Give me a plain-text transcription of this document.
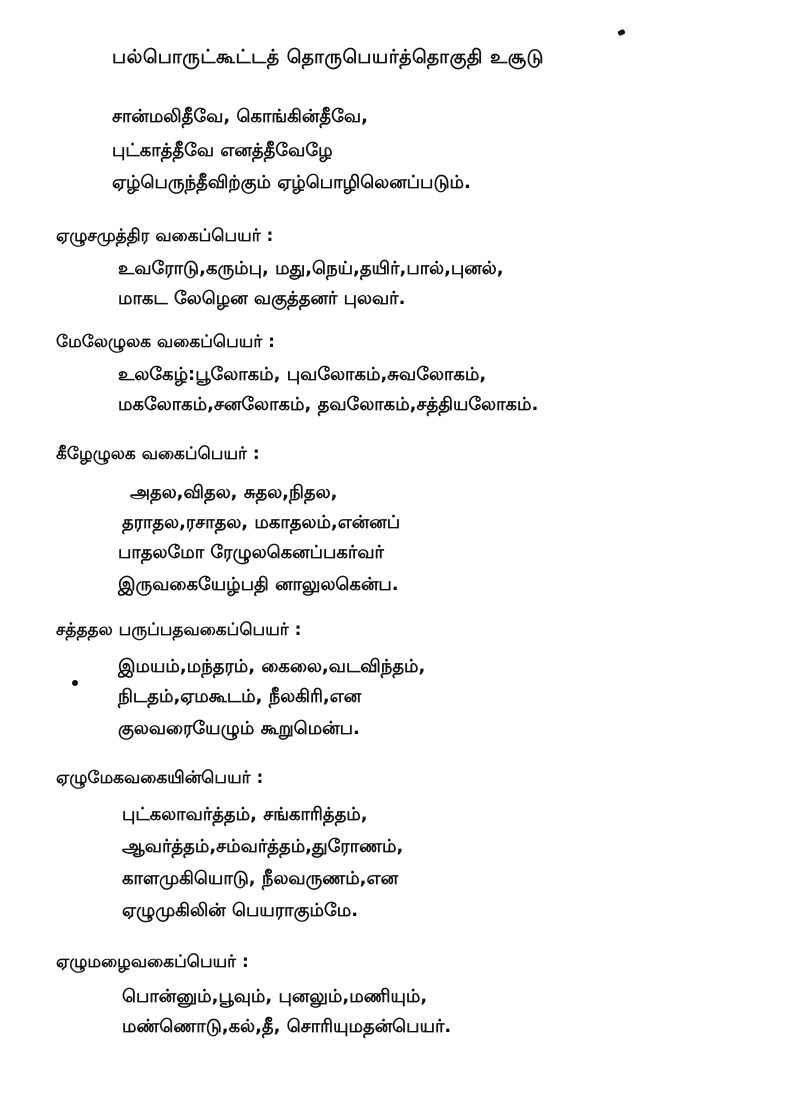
பல்பொருட்கூட்டத் தொருபெயர்த்தொகுதி உசூடு
சான்மலிதீவே, கொங்கின்தீவே,
புட்காத்தீவே எனத்தீவேழே
ஏழ்பெருந்தீவிற்கும் ஏழ்பொழிலெனப்படும்.
ஏழுசமுத்திர வகைப்பெயர் :
உவரோடு,கரும்பு, மது,நெய்,தயிர்,பால்,புனல்,
மாகட லேழென வகுத்தனர் புலவர்.
மேலேழுலக வகைப்பெயர் :
உலகேழ்:பூலோகம், புவலோகம்,சுவலோகம்,
மகலோகம்,சனலோகம், தவலோகம்,சத்தியலோகம்.
கீழேழுலக வகைப்பெயர் :
அதல,விதல, சுதல,நிதல,
தராதல,ரசாதல, மகாதலம்,என்னப்
பாதலமோ ரேழுலகெனப்பகர்வர்
இருவகையேழ்பதி னாலுலகென்ப.
சத்ததல பருப்பதவகைப்பெயர் :
இமயம்,மந்தரம், கைலை,வடவிந்தம்,
நிடதம்,ஏமகூடம், நீலகிரி,என
குலவரையேழும் கூறுமென்ப.
ஏழுமேகவகையின்பெயர் :
புட்கலாவர்த்தம், சங்காரித்தம்,
ஆவர்த்தம்,சம்வர்த்தம்,துரோணம்,
காளமுகியொடு, நீலவருணம்,என
ஏழுமுகிலின் பெயராகும்மே.
ஏழுமழைவகைப்பெயர் :
பொன்னும்,பூவும், புனலும்,மணியும்,
மண்ணொடு,கல்,தீ, சொரியுமதன்பெயர்.
